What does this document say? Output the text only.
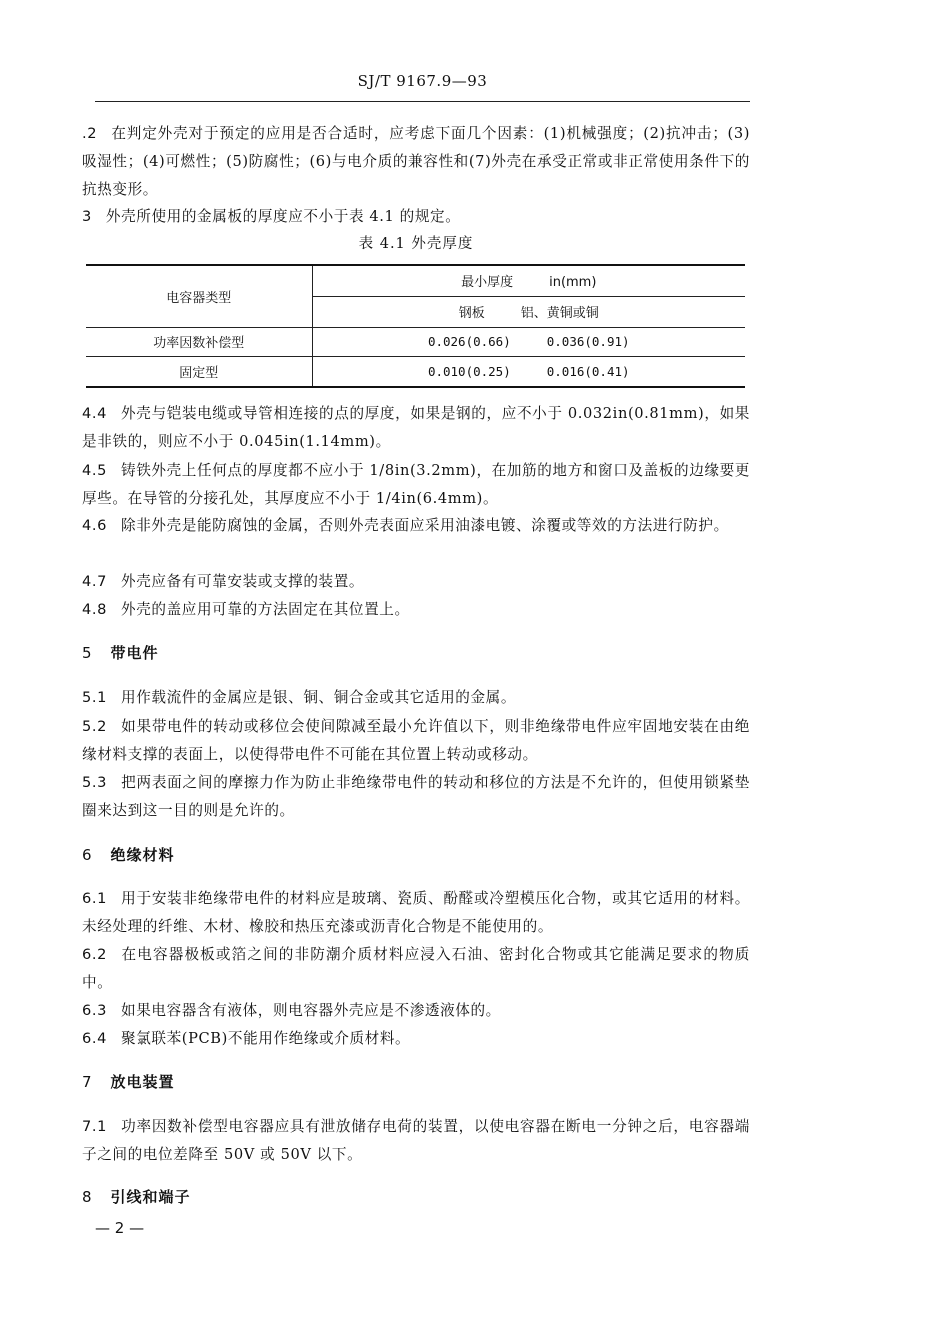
SJ/T 9167.9—93

.2 在判定外壳对于预定的应用是否合适时，应考虑下面几个因素：(1)机械强度；(2)抗冲击；(3)吸湿性；(4)可燃性；(5)防腐性；(6)与电介质的兼容性和(7)外壳在承受正常或非正常使用条件下的抗热变形。

3 外壳所使用的金属板的厚度应不小于表 4.1 的规定。

表 4.1 外壳厚度
电容器类型	最小厚度 in(mm)
	钢板 铝、黄铜或铜
功率因数补偿型	0.026(0.66) 0.036(0.91)
固定型	0.010(0.25) 0.016(0.41)

4.4 外壳与铠装电缆或导管相连接的点的厚度，如果是钢的，应不小于 0.032in(0.81mm)，如果是非铁的，则应不小于 0.045in(1.14mm)。

4.5 铸铁外壳上任何点的厚度都不应小于 1/8in(3.2mm)，在加筋的地方和窗口及盖板的边缘要更厚些。在导管的分接孔处，其厚度应不小于 1/4in(6.4mm)。

4.6 除非外壳是能防腐蚀的金属，否则外壳表面应采用油漆电镀、涂覆或等效的方法进行防护。

4.7 外壳应备有可靠安装或支撑的装置。

4.8 外壳的盖应用可靠的方法固定在其位置上。

5 带电件

5.1 用作载流件的金属应是银、铜、铜合金或其它适用的金属。

5.2 如果带电件的转动或移位会使间隙减至最小允许值以下，则非绝缘带电件应牢固地安装在由绝缘材料支撑的表面上，以使得带电件不可能在其位置上转动或移动。

5.3 把两表面之间的摩擦力作为防止非绝缘带电件的转动和移位的方法是不允许的，但使用锁紧垫圈来达到这一目的则是允许的。

6 绝缘材料

6.1 用于安装非绝缘带电件的材料应是玻璃、瓷质、酚醛或冷塑模压化合物，或其它适用的材料。未经处理的纤维、木材、橡胶和热压充漆或沥青化合物是不能使用的。

6.2 在电容器极板或箔之间的非防潮介质材料应浸入石油、密封化合物或其它能满足要求的物质中。

6.3 如果电容器含有液体，则电容器外壳应是不渗透液体的。

6.4 聚氯联苯(PCB)不能用作绝缘或介质材料。

7 放电装置

7.1 功率因数补偿型电容器应具有泄放储存电荷的装置，以使电容器在断电一分钟之后，电容器端子之间的电位差降至 50V 或 50V 以下。

8 引线和端子
— 2 —
